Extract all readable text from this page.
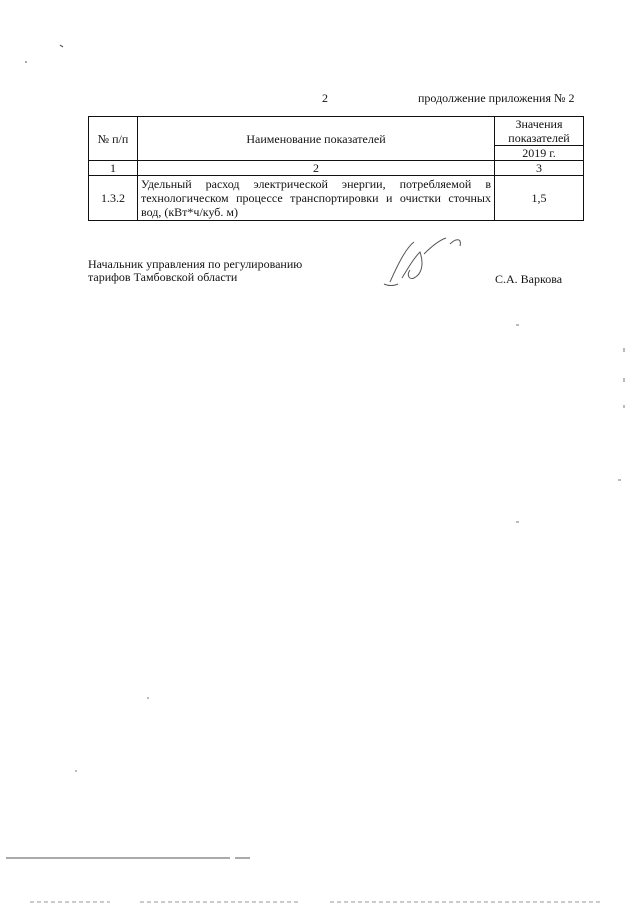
2	продолжение приложения № 2
№ п/п	Наименование показателей	Значения показателей
		2019 г.
1	2	3
1.3.2	Удельный расход электрической энергии, потребляемой в технологическом процессе транспортировки и очистки сточных вод, (кВт*ч/куб. м)	1,5
Начальник управления по регулированию
тарифов Тамбовской области	С.А. Варкова
